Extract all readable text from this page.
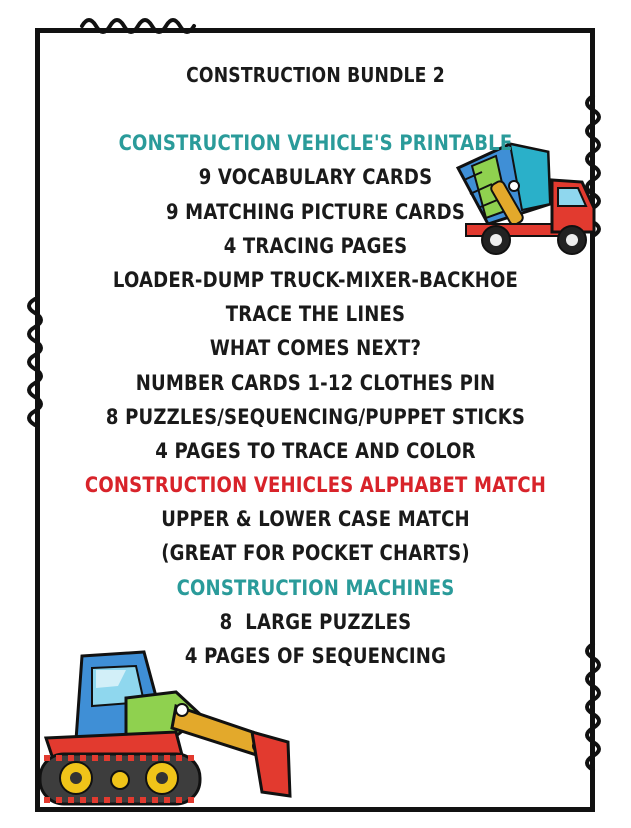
CONSTRUCTION BUNDLE 2
CONSTRUCTION VEHICLE'S PRINTABLE
9 VOCABULARY CARDS
9 MATCHING PICTURE CARDS
4 TRACING PAGES
LOADER-DUMP TRUCK-MIXER-BACKHOE
TRACE THE LINES
WHAT COMES NEXT?
NUMBER CARDS 1-12 CLOTHES PIN
8 PUZZLES/SEQUENCING/PUPPET STICKS
4 PAGES TO TRACE AND COLOR
CONSTRUCTION VEHICLES ALPHABET MATCH
UPPER & LOWER CASE MATCH
(GREAT FOR POCKET CHARTS)
CONSTRUCTION MACHINES
8  LARGE PUZZLES
4 PAGES OF SEQUENCING
